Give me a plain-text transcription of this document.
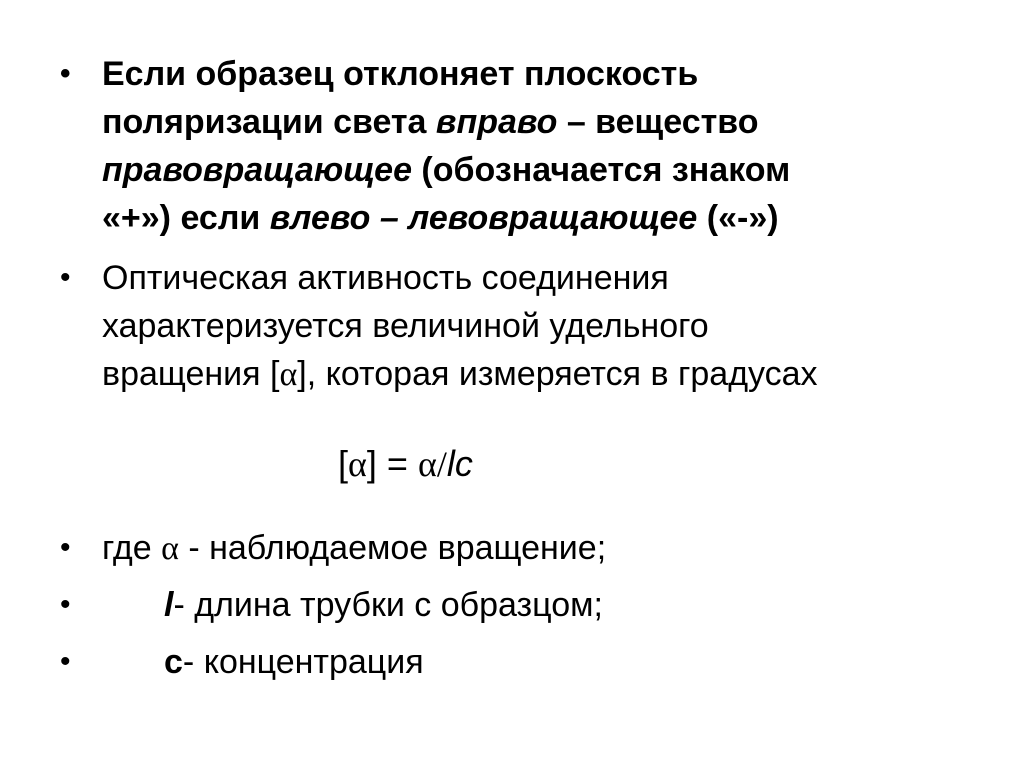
• Если образец отклоняет плоскость
поляризации света вправо – вещество
правовращающее (обозначается знаком
«+») если влево – левовращающее («-»)
• Оптическая активность соединения
характеризуется величиной удельного
вращения [α], которая измеряется в градусах
[α] = α/lc
• где α - наблюдаемое вращение;
•	l- длина трубки с образцом;
•	c- концентрация
